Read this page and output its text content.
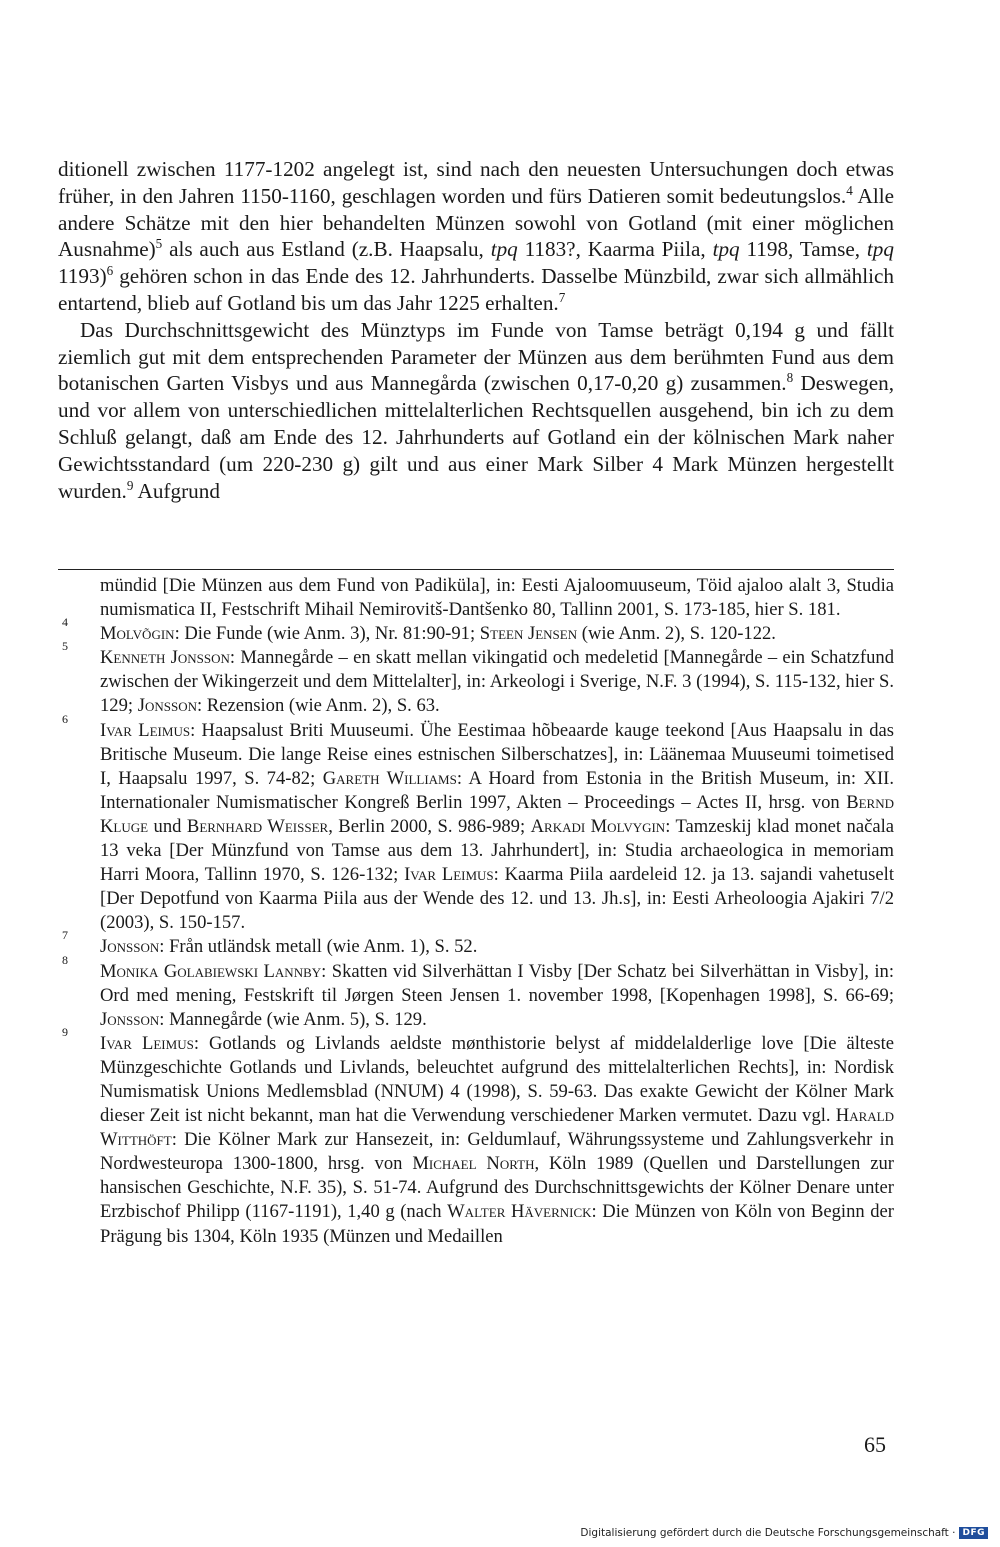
ditionell zwischen 1177-1202 angelegt ist, sind nach den neuesten Untersuchungen doch etwas früher, in den Jahren 1150-1160, geschlagen worden und fürs Datieren somit bedeutungslos.$^4$ Alle andere Schätze mit den hier behandelten Münzen sowohl von Gotland (mit einer möglichen Ausnahme)$^5$ als auch aus Estland (z.B. Haapsalu, tpq 1183?, Kaarma Piila, tpq 1198, Tamse, tpq 1193)$^6$ gehören schon in das Ende des 12. Jahrhunderts. Dasselbe Münzbild, zwar sich allmählich entartend, blieb auf Gotland bis um das Jahr 1225 erhalten.$^7$

Das Durchschnittsgewicht des Münztyps im Funde von Tamse beträgt 0,194 g und fällt ziemlich gut mit dem entsprechenden Parameter der Münzen aus dem berühmten Fund aus dem botanischen Garten Visbys und aus Mannegårda (zwischen 0,17-0,20 g) zusammen.$^8$ Deswegen, und vor allem von unterschiedlichen mittelalterlichen Rechtsquellen ausgehend, bin ich zu dem Schluß gelangt, daß am Ende des 12. Jahrhunderts auf Gotland ein der kölnischen Mark naher Gewichtsstandard (um 220-230 g) gilt und aus einer Mark Silber 4 Mark Münzen hergestellt wurden.$^9$ Aufgrund

mündid [Die Münzen aus dem Fund von Padiküla], in: Eesti Ajaloomuuseum, Töid ajaloo alalt 3, Studia numismatica II, Festschrift Mihail Nemirovitš-Dantšenko 80, Tallinn 2001, S. 173-185, hier S. 181.
4
Molvõgin: Die Funde (wie Anm. 3), Nr. 81:90-91; Steen Jensen (wie Anm. 2), S. 120-122.
5
Kenneth Jonsson: Mannegårde – en skatt mellan vikingatid och medeletid [Mannegårde – ein Schatzfund zwischen der Wikingerzeit und dem Mittelalter], in: Arkeologi i Sverige, N.F. 3 (1994), S. 115-132, hier S. 129; Jonsson: Rezension (wie Anm. 2), S. 63.
6
Ivar Leimus: Haapsalust Briti Muuseumi. Ühe Eestimaa hõbeaarde kauge teekond [Aus Haapsalu in das Britische Museum. Die lange Reise eines estnischen Silberschatzes], in: Läänemaa Muuseumi toimetised I, Haapsalu 1997, S. 74-82; Gareth Williams: A Hoard from Estonia in the British Museum, in: XII. Internationaler Numismatischer Kongreß Berlin 1997, Akten – Proceedings – Actes II, hrsg. von Bernd Kluge und Bernhard Weisser, Berlin 2000, S. 986-989; Arkadi Molvygin: Tamzeskij klad monet načala 13 veka [Der Münzfund von Tamse aus dem 13. Jahrhundert], in: Studia archaeologica in memoriam Harri Moora, Tallinn 1970, S. 126-132; Ivar Leimus: Kaarma Piila aardeleid 12. ja 13. sajandi vahetuselt [Der Depotfund von Kaarma Piila aus der Wende des 12. und 13. Jh.s], in: Eesti Arheoloogia Ajakiri 7/2 (2003), S. 150-157.
7
Jonsson: Från utländsk metall (wie Anm. 1), S. 52.
8
Monika Golabiewski Lannby: Skatten vid Silverhättan I Visby [Der Schatz bei Silverhättan in Visby], in: Ord med mening, Festskrift til Jørgen Steen Jensen 1. november 1998, [Kopenhagen 1998], S. 66-69; Jonsson: Mannegårde (wie Anm. 5), S. 129.
9
Ivar Leimus: Gotlands og Livlands aeldste mønthistorie belyst af middelalderlige love [Die älteste Münzgeschichte Gotlands und Livlands, beleuchtet aufgrund des mittelalterlichen Rechts], in: Nordisk Numismatisk Unions Medlemsblad (NNUM) 4 (1998), S. 59-63. Das exakte Gewicht der Kölner Mark dieser Zeit ist nicht bekannt, man hat die Verwendung verschiedener Marken vermutet. Dazu vgl. Harald Witthöft: Die Kölner Mark zur Hansezeit, in: Geldumlauf, Währungssysteme und Zahlungsverkehr in Nordwesteuropa 1300-1800, hrsg. von Michael North, Köln 1989 (Quellen und Darstellungen zur hansischen Geschichte, N.F. 35), S. 51-74. Aufgrund des Durchschnittsgewichts der Kölner Denare unter Erzbischof Philipp (1167-1191), 1,40 g (nach Walter Hävernick: Die Münzen von Köln von Beginn der Prägung bis 1304, Köln 1935 (Münzen und Medaillen
65
Digitalisierung gefördert durch die Deutsche Forschungsgemeinschaft · DFG
